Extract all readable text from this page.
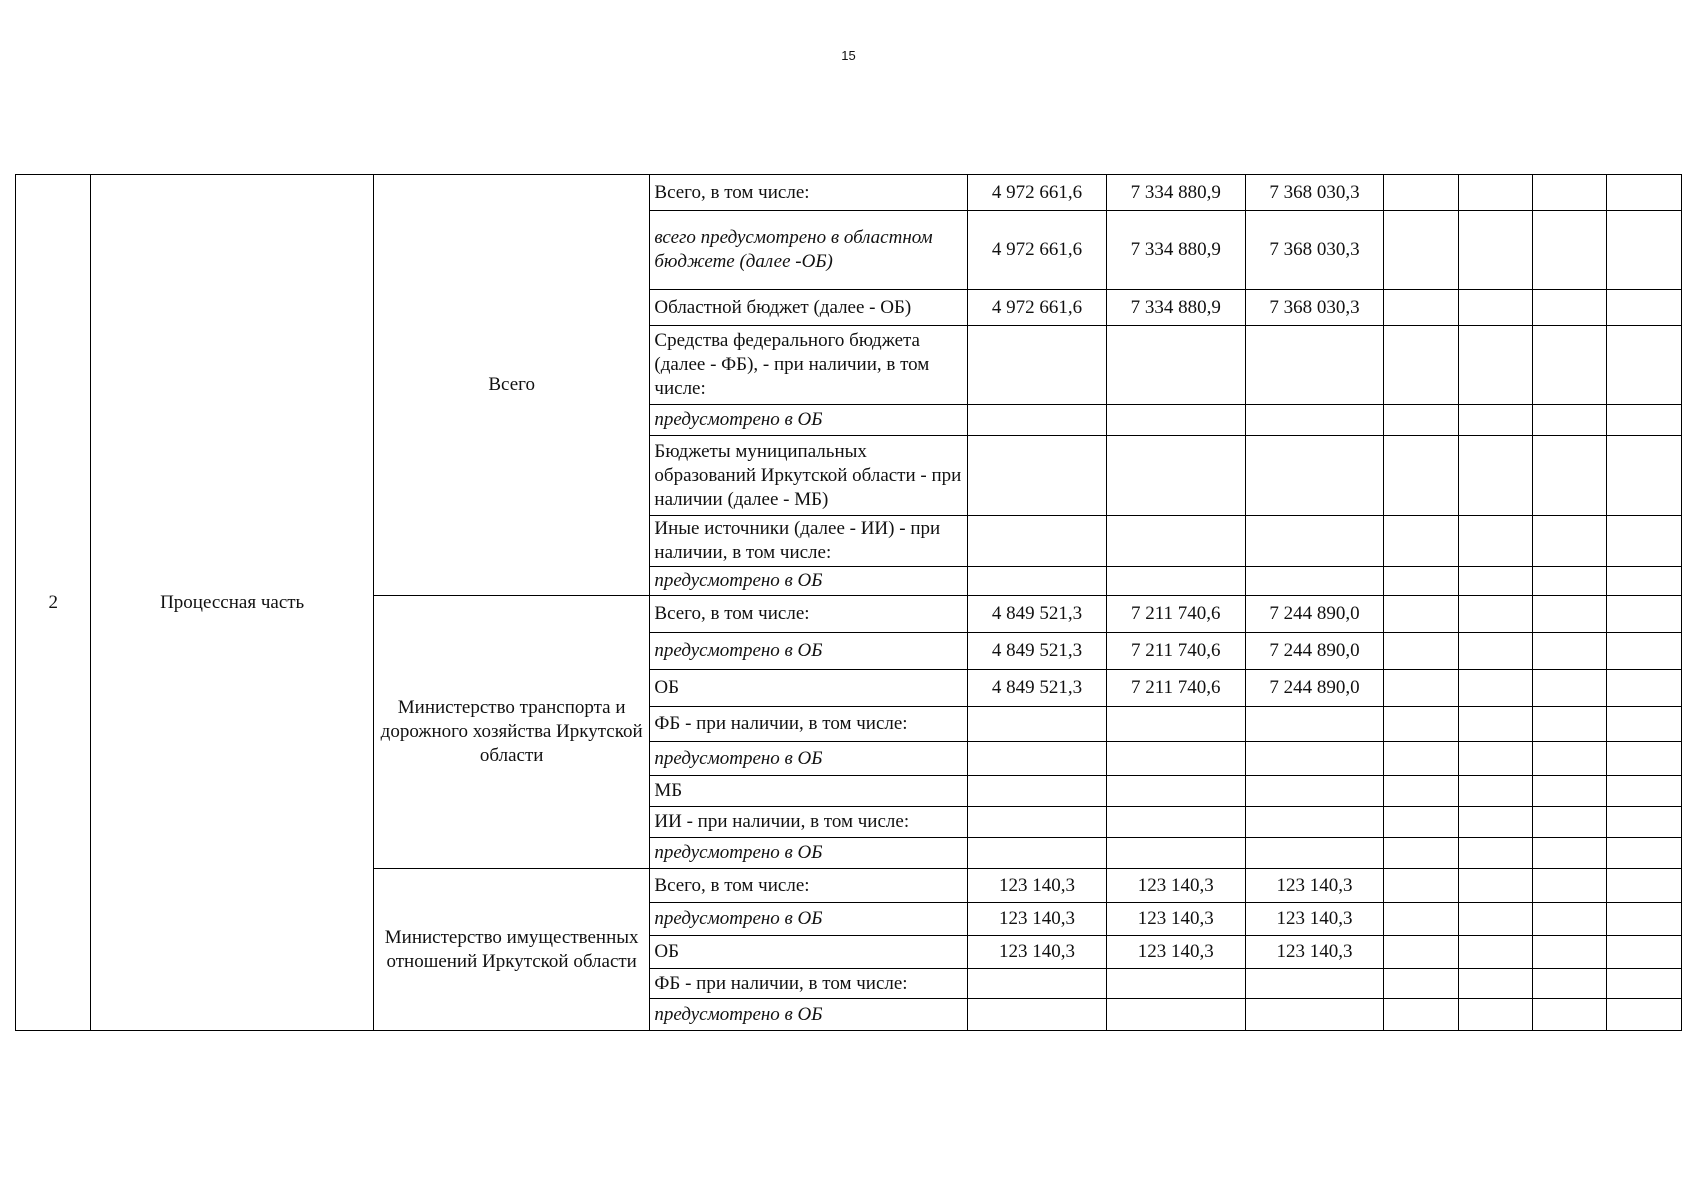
15
2	Процессная часть	Всего	Всего, в том числе:	4 972 661,6	7 334 880,9	7 368 030,3				
			всего предусмотрено в областном бюджете (далее -ОБ)	4 972 661,6	7 334 880,9	7 368 030,3				
			Областной бюджет (далее - ОБ)	4 972 661,6	7 334 880,9	7 368 030,3				
			Средства федерального бюджета (далее - ФБ), - при наличии, в том числе:							
			предусмотрено в ОБ							
			Бюджеты муниципальных образований Иркутской области - при наличии (далее - МБ)							
			Иные источники (далее - ИИ) - при наличии, в том числе:							
			предусмотрено в ОБ							
		Министерство транспорта и дорожного хозяйства Иркутской области	Всего, в том числе:	4 849 521,3	7 211 740,6	7 244 890,0				
			предусмотрено в ОБ	4 849 521,3	7 211 740,6	7 244 890,0				
			ОБ	4 849 521,3	7 211 740,6	7 244 890,0				
			ФБ - при наличии, в том числе:							
			предусмотрено в ОБ							
			МБ							
			ИИ - при наличии, в том числе:							
			предусмотрено в ОБ							
		Министерство имущественных отношений Иркутской области	Всего, в том числе:	123 140,3	123 140,3	123 140,3				
			предусмотрено в ОБ	123 140,3	123 140,3	123 140,3				
			ОБ	123 140,3	123 140,3	123 140,3				
			ФБ - при наличии, в том числе:							
			предусмотрено в ОБ							
